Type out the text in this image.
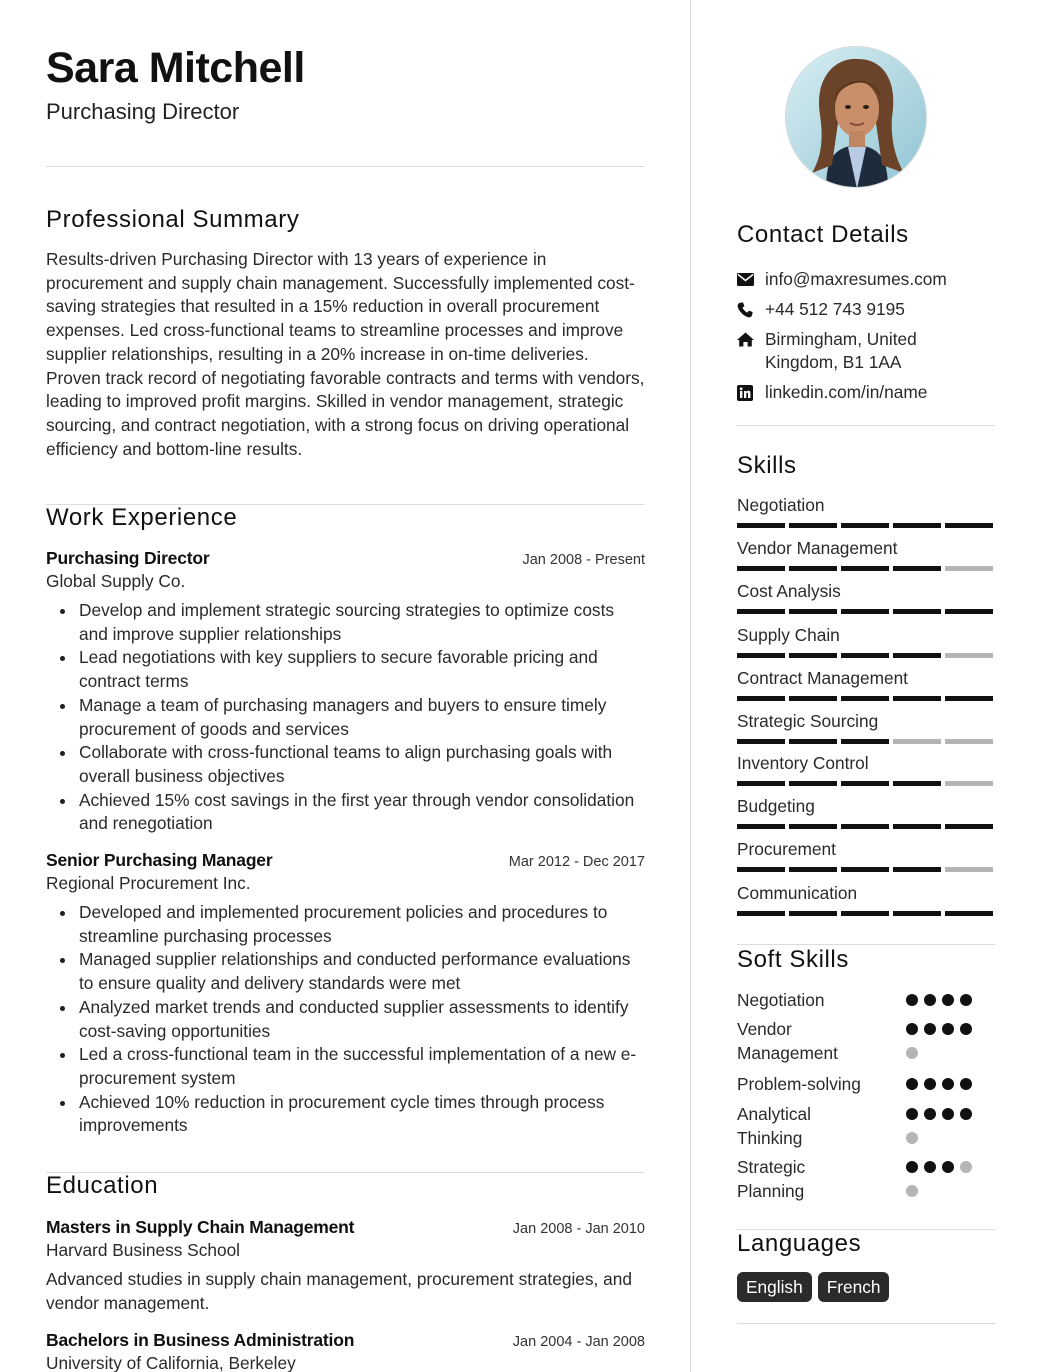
Sara Mitchell
Purchasing Director
Professional Summary
Results-driven Purchasing Director with 13 years of experience in procurement and supply chain management. Successfully implemented cost-saving strategies that resulted in a 15% reduction in overall procurement expenses. Led cross-functional teams to streamline processes and improve supplier relationships, resulting in a 20% increase in on-time deliveries. Proven track record of negotiating favorable contracts and terms with vendors, leading to improved profit margins. Skilled in vendor management, strategic sourcing, and contract negotiation, with a strong focus on driving operational efficiency and bottom-line results.
Work Experience
Purchasing Director	Jan 2008 - Present
Global Supply Co.
Develop and implement strategic sourcing strategies to optimize costs and improve supplier relationships
Lead negotiations with key suppliers to secure favorable pricing and contract terms
Manage a team of purchasing managers and buyers to ensure timely procurement of goods and services
Collaborate with cross-functional teams to align purchasing goals with overall business objectives
Achieved 15% cost savings in the first year through vendor consolidation and renegotiation
Senior Purchasing Manager	Mar 2012 - Dec 2017
Regional Procurement Inc.
Developed and implemented procurement policies and procedures to streamline purchasing processes
Managed supplier relationships and conducted performance evaluations to ensure quality and delivery standards were met
Analyzed market trends and conducted supplier assessments to identify cost-saving opportunities
Led a cross-functional team in the successful implementation of a new e-procurement system
Achieved 10% reduction in procurement cycle times through process improvements
Education
Masters in Supply Chain Management	Jan 2008 - Jan 2010
Harvard Business School
Advanced studies in supply chain management, procurement strategies, and vendor management.
Bachelors in Business Administration	Jan 2004 - Jan 2008
University of California, Berkeley
Contact Details
info@maxresumes.com
+44 512 743 9195
Birmingham, United
Kingdom, B1 1AA
linkedin.com/in/name
Skills
Negotiation
Vendor Management
Cost Analysis
Supply Chain
Contract Management
Strategic Sourcing
Inventory Control
Budgeting
Procurement
Communication
Soft Skills
Negotiation
Vendor
Management
Problem-solving
Analytical
Thinking
Strategic
Planning
Languages
English	French
